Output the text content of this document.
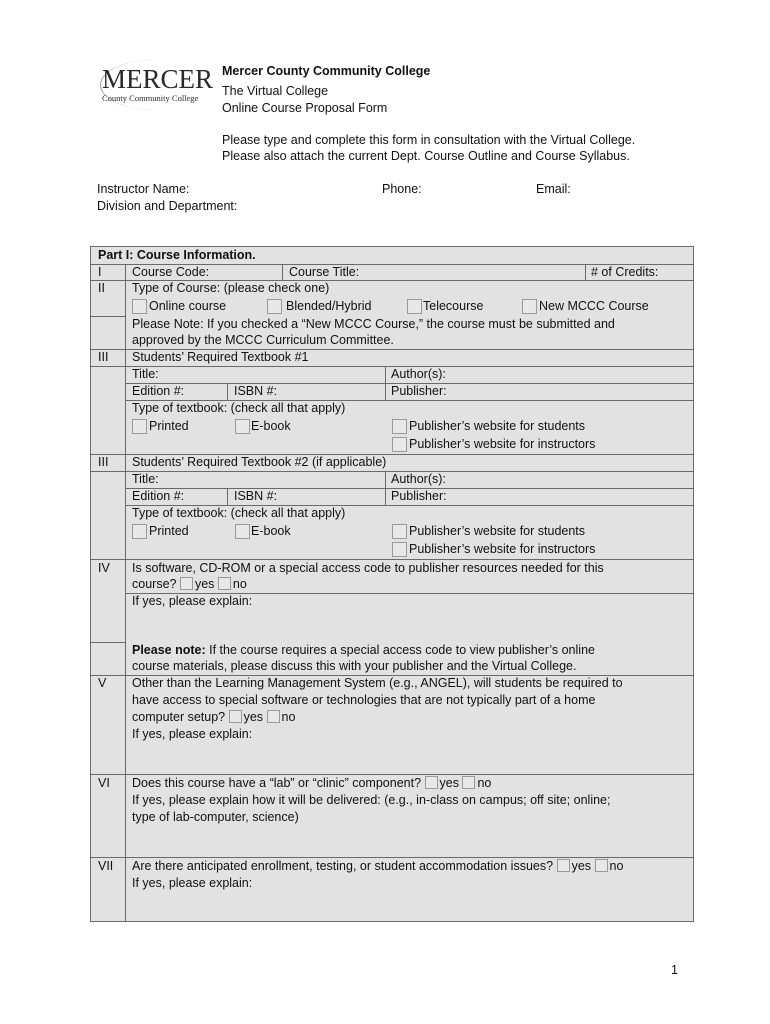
MERCER
County Community College
Mercer County Community College
The Virtual College
Online Course Proposal Form
Please type and complete this form in consultation with the Virtual College.
Please also attach the current Dept. Course Outline and Course Syllabus.
Instructor Name:	Phone:	Email:
Division and Department:
Part I: Course Information.
I Course Code:	Course Title:	# of Credits:
II Type of Course: (please check one)
Online course	Blended/Hybrid	Telecourse	New MCCC Course
Please Note: If you checked a “New MCCC Course,” the course must be submitted and
approved by the MCCC Curriculum Committee.
III Students’ Required Textbook #1
Title:	Author(s):
Edition #:	ISBN #:	Publisher:
Type of textbook: (check all that apply)
Printed	E-book	Publisher’s website for students
Publisher’s website for instructors
III Students’ Required Textbook #2 (if applicable)
Title:	Author(s):
Edition #:	ISBN #:	Publisher:
Type of textbook: (check all that apply)
Printed	E-book	Publisher’s website for students
Publisher’s website for instructors
IV Is software, CD-ROM or a special access code to publisher resources needed for this
course? yes no
If yes, please explain:
Please note: If the course requires a special access code to view publisher’s online
course materials, please discuss this with your publisher and the Virtual College.
V Other than the Learning Management System (e.g., ANGEL), will students be required to
have access to special software or technologies that are not typically part of a home
computer setup? yes no
If yes, please explain:
VI Does this course have a “lab” or “clinic” component? yes no
If yes, please explain how it will be delivered: (e.g., in-class on campus; off site; online;
type of lab-computer, science)
VII Are there anticipated enrollment, testing, or student accommodation issues? yes no
If yes, please explain:
1
